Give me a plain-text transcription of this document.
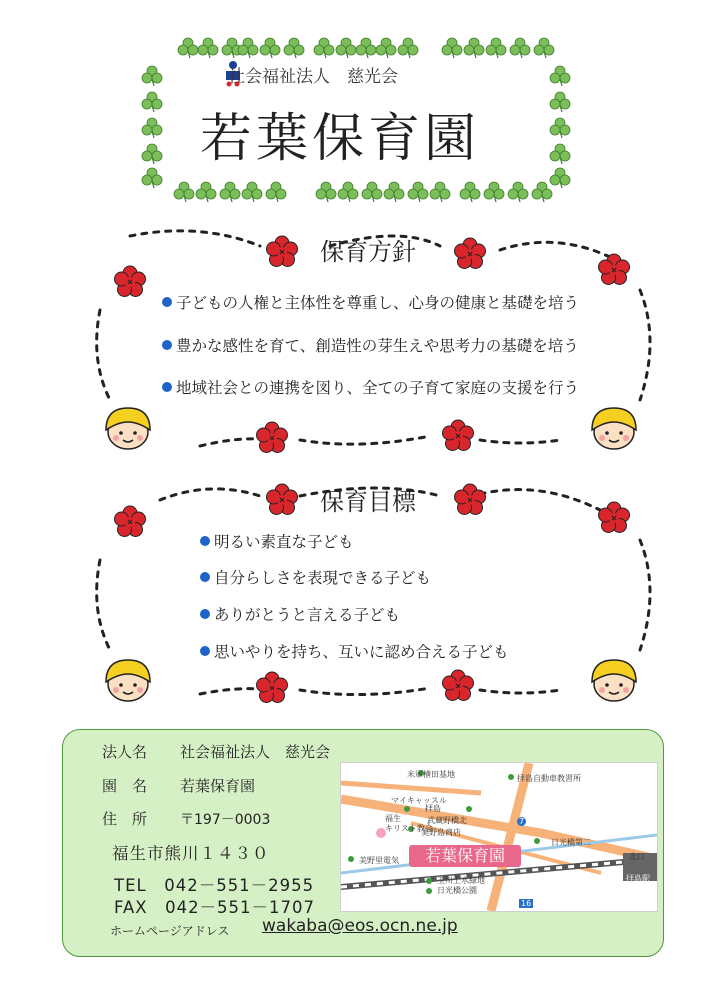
社会福祉法人　慈光会
若葉保育園
保育方針
子どもの人権と主体性を尊重し、心身の健康と基礎を培う
豊かな感性を育て、創造性の芽生えや思考力の基礎を培う
地域社会との連携を図り、全ての子育て家庭の支援を行う
保育目標
明るい素直な子ども
自分らしさを表現できる子ども
ありがとうと言える子ども
思いやりを持ち、互いに認め合える子ども
法人名 社会福祉法人　慈光会
園　名 若葉保育園
住　所 〒197－0003
福生市熊川１４３０
TEL　042－551－2955
FAX　042－551－1707
ホームページアドレス wakaba@eos.ocn.ne.jp
若葉保育園
米軍横田基地	拝島自動車教習所
マイキャッスル
福生
キリスト教会
拝島
武蔵野橋北
美野島商店
日光橋第二
美野里電気
玉川上水緑地
日光橋公園
拝島駅
北口
7
16
